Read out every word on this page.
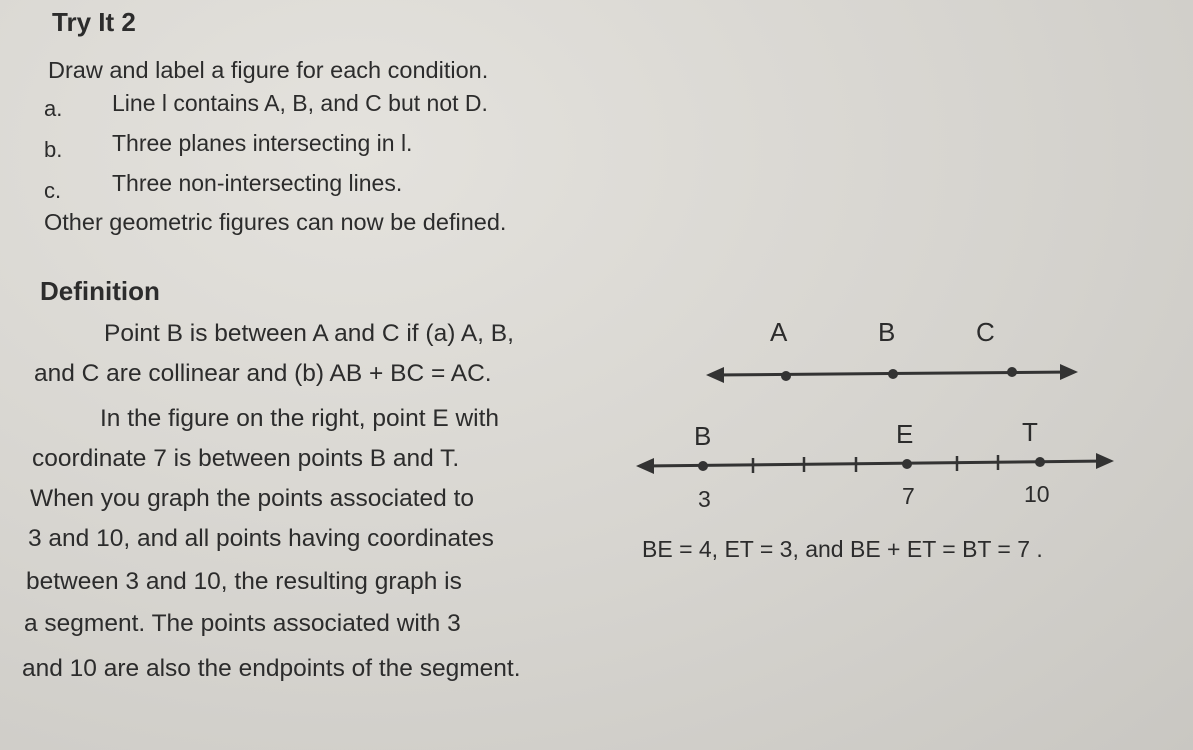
Try It 2
Draw and label a figure for each condition.
a. Line l contains A, B, and C but not D.
b. Three planes intersecting in l.
c. Three non-intersecting lines.
Other geometric figures can now be defined.
Definition
Point B is between A and C if (a) A, B,
and C are collinear and (b) AB + BC = AC.
In the figure on the right, point E with
coordinate 7 is between points B and T.
When you graph the points associated to
3 and 10, and all points having coordinates
between 3 and 10, the resulting graph is
a segment. The points associated with 3
and 10 are also the endpoints of the segment.
A	B	C
B	E	T
3	7	10
BE = 4, ET = 3, and BE + ET = BT = 7 .
